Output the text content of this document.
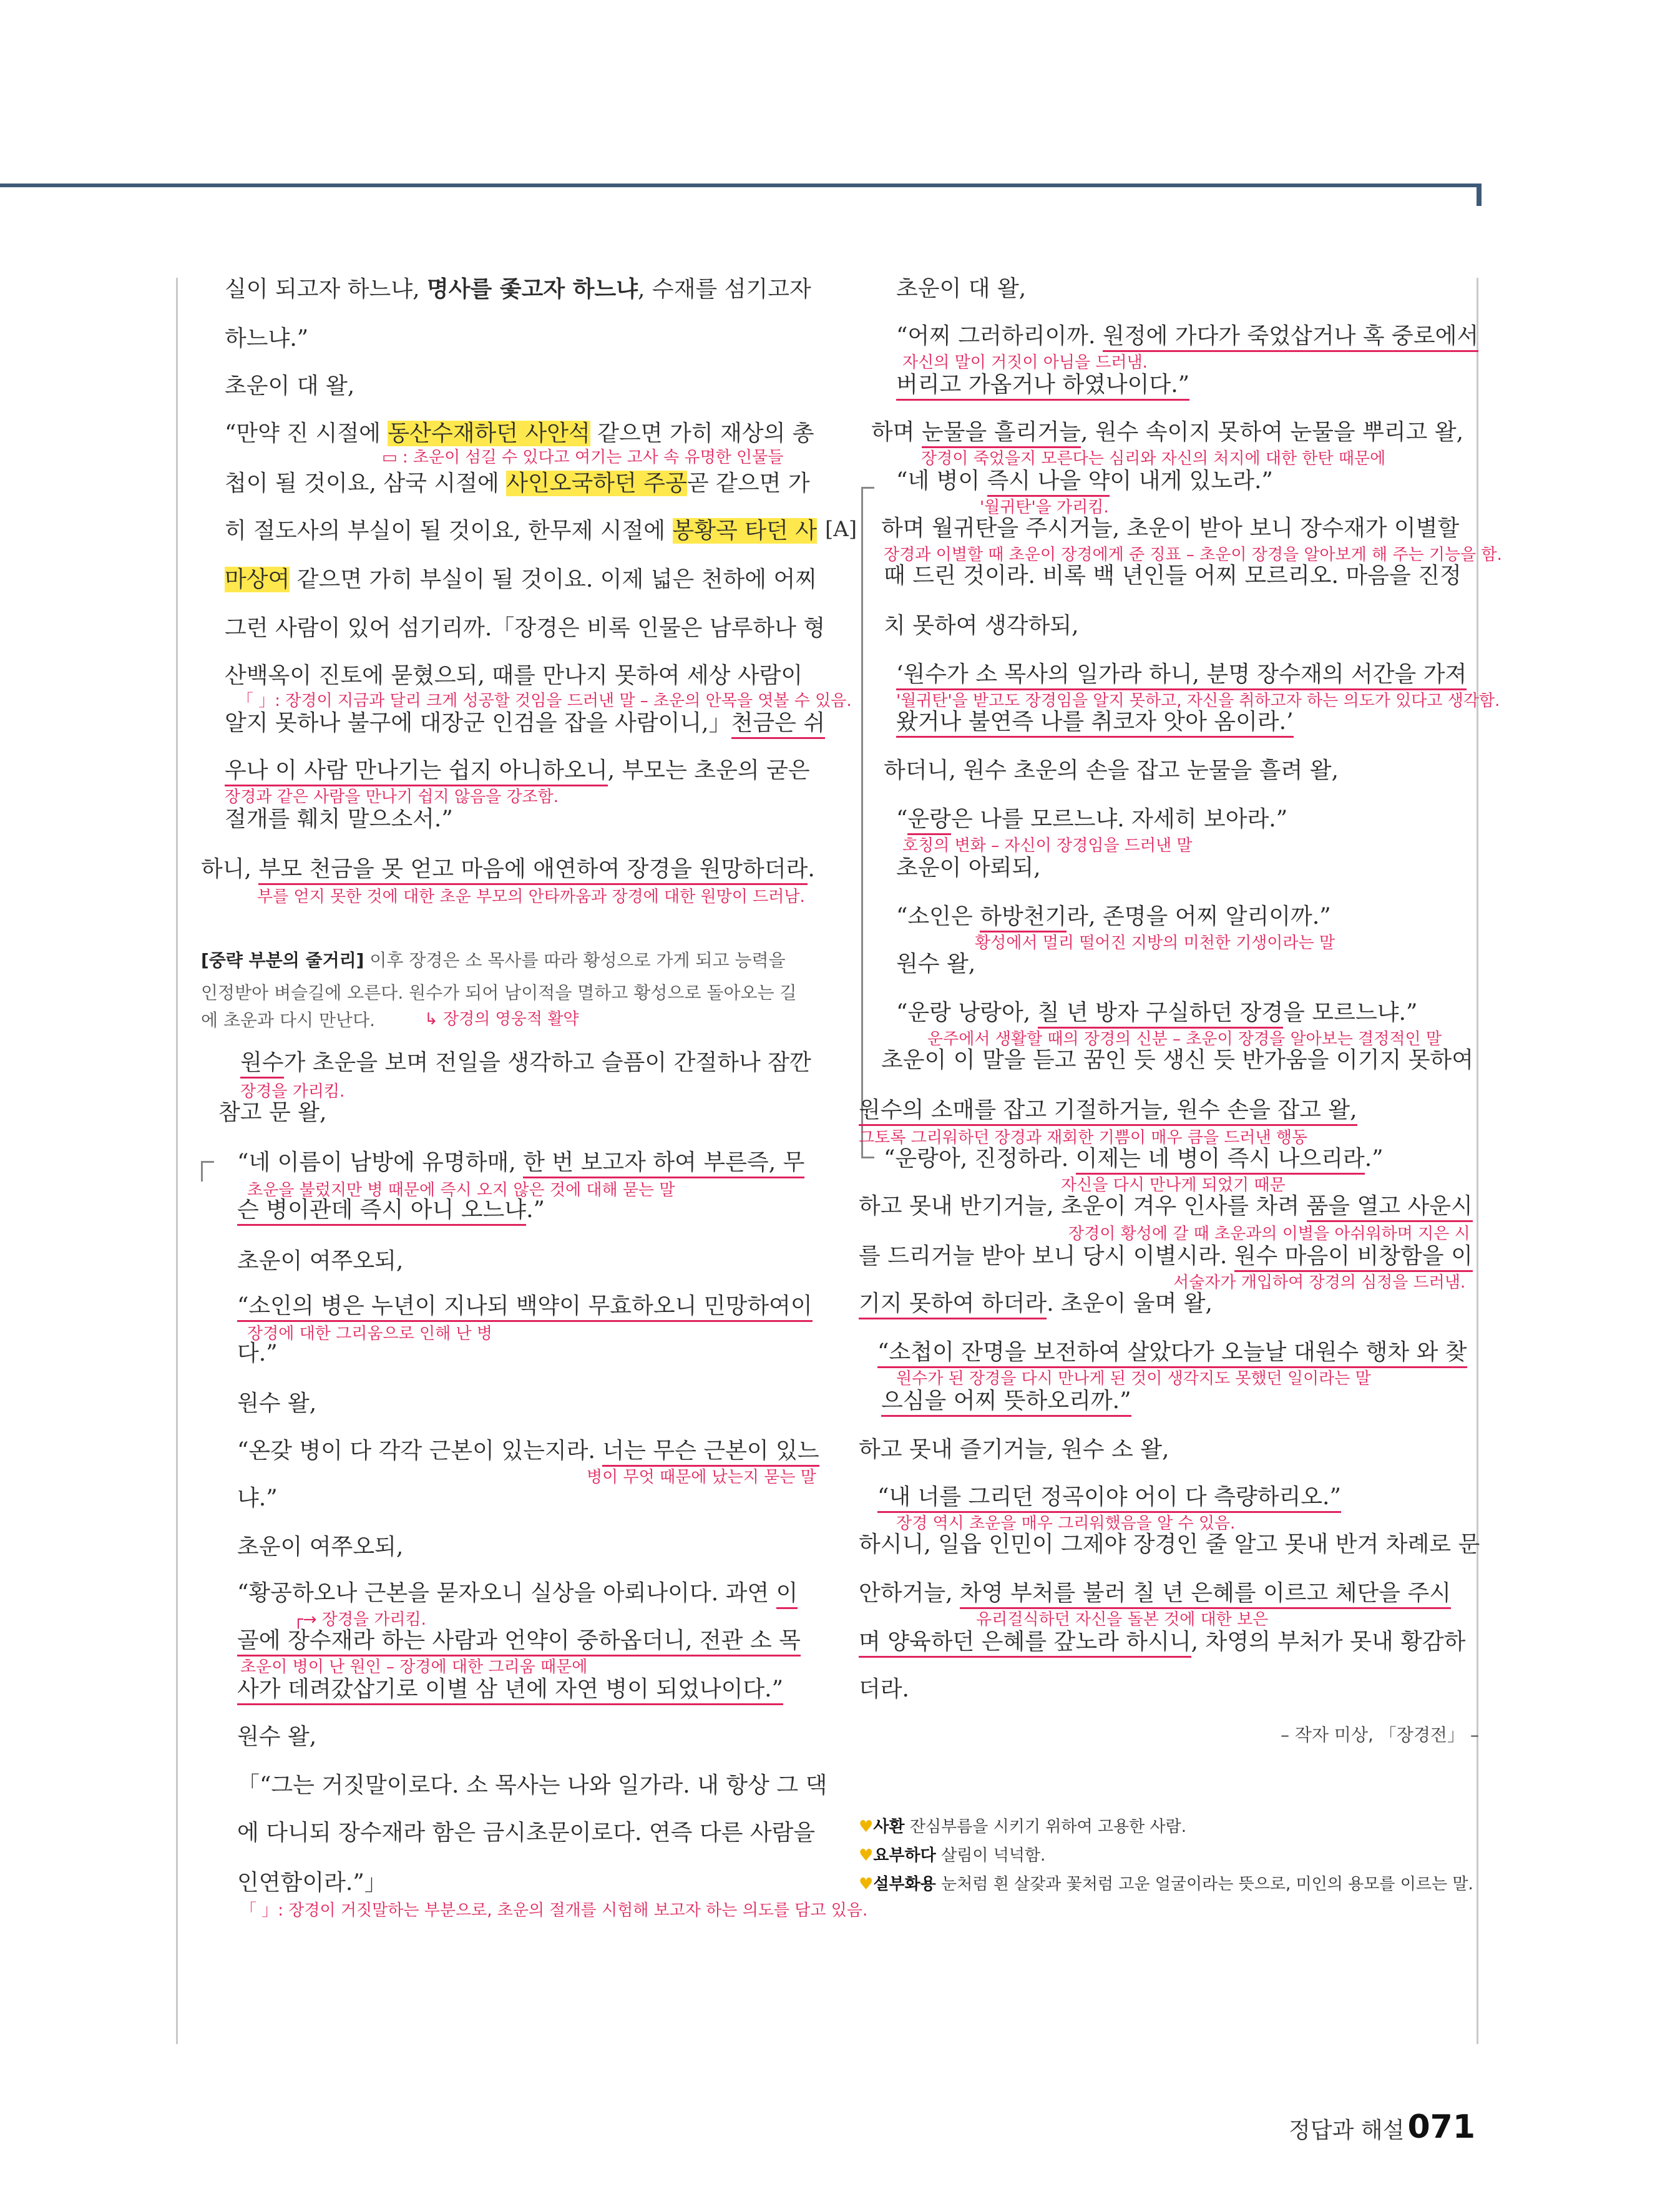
실이 되고자 하느냐, 명사를 좇고자 하느냐, 수재를 섬기고자
하느냐.”
초운이 대 왈,
“만약 진 시절에 동산수재하던 사안석 같으면 가히 재상의 총
▭ : 초운이 섬길 수 있다고 여기는 고사 속 유명한 인물들
첩이 될 것이요, 삼국 시절에 사인오국하던 주공곧 같으면 가
히 절도사의 부실이 될 것이요, 한무제 시절에 봉황곡 타던 사
마상여 같으면 가히 부실이 될 것이요. 이제 넓은 천하에 어찌
그런 사람이 있어 섬기리까.「장경은 비록 인물은 남루하나 형
산백옥이 진토에 묻혔으되, 때를 만나지 못하여 세상 사람이
「 」: 장경이 지금과 달리 크게 성공할 것임을 드러낸 말 – 초운의 안목을 엿볼 수 있음.
알지 못하나 불구에 대장군 인검을 잡을 사람이니,」천금은 쉬
우나 이 사람 만나기는 쉽지 아니하오니, 부모는 초운의 굳은
장경과 같은 사람을 만나기 쉽지 않음을 강조함.
절개를 훼치 말으소서.”
하니, 부모 천금을 못 얻고 마음에 애연하여 장경을 원망하더라.
부를 얻지 못한 것에 대한 초운 부모의 안타까움과 장경에 대한 원망이 드러남.
[중략 부분의 줄거리] 이후 장경은 소 목사를 따라 황성으로 가게 되고 능력을
인정받아 벼슬길에 오른다. 원수가 되어 남이적을 멸하고 황성으로 돌아오는 길
에 초운과 다시 만난다.	↳ 장경의 영웅적 활약
원수가 초운을 보며 전일을 생각하고 슬픔이 간절하나 잠깐
장경을 가리킴.
참고 문 왈,
“네 이름이 남방에 유명하매, 한 번 보고자 하여 부른즉, 무
초운을 불렀지만 병 때문에 즉시 오지 않은 것에 대해 묻는 말
슨 병이관데 즉시 아니 오느냐.”
초운이 여쭈오되,
“소인의 병은 누년이 지나되 백약이 무효하오니 민망하여이
장경에 대한 그리움으로 인해 난 병
다.”
원수 왈,
“온갖 병이 다 각각 근본이 있는지라. 너는 무슨 근본이 있느
병이 무엇 때문에 났는지 묻는 말
냐.”
초운이 여쭈오되,
“황공하오나 근본을 묻자오니 실상을 아뢰나이다. 과연 이
┌→ 장경을 가리킴.
골에 장수재라 하는 사람과 언약이 중하옵더니, 전관 소 목
초운이 병이 난 원인 – 장경에 대한 그리움 때문에
사가 데려갔삽기로 이별 삼 년에 자연 병이 되었나이다.”
원수 왈,
「“그는 거짓말이로다. 소 목사는 나와 일가라. 내 항상 그 댁
에 다니되 장수재라 함은 금시초문이로다. 연즉 다른 사람을
인연함이라.”」
「 」: 장경이 거짓말하는 부분으로, 초운의 절개를 시험해 보고자 하는 의도를 담고 있음.
초운이 대 왈,
“어찌 그러하리이까. 원정에 가다가 죽었삽거나 혹 중로에서
자신의 말이 거짓이 아님을 드러냄.
버리고 가옵거나 하였나이다.”
하며 눈물을 흘리거늘, 원수 속이지 못하여 눈물을 뿌리고 왈,
장경이 죽었을지 모른다는 심리와 자신의 처지에 대한 한탄 때문에
“네 병이 즉시 나을 약이 내게 있노라.”
'월귀탄'을 가리킴.
[A] 하며 월귀탄을 주시거늘, 초운이 받아 보니 장수재가 이별할
장경과 이별할 때 초운이 장경에게 준 징표 – 초운이 장경을 알아보게 해 주는 기능을 함.
때 드린 것이라. 비록 백 년인들 어찌 모르리오. 마음을 진정
치 못하여 생각하되,
‘원수가 소 목사의 일가라 하니, 분명 장수재의 서간을 가져
'월귀탄'을 받고도 장경임을 알지 못하고, 자신을 취하고자 하는 의도가 있다고 생각함.
왔거나 불연즉 나를 취코자 앗아 옴이라.’
하더니, 원수 초운의 손을 잡고 눈물을 흘려 왈,
“운랑은 나를 모르느냐. 자세히 보아라.”
호칭의 변화 – 자신이 장경임을 드러낸 말
초운이 아뢰되,
“소인은 하방천기라, 존명을 어찌 알리이까.”
황성에서 멀리 떨어진 지방의 미천한 기생이라는 말
원수 왈,
“운랑 낭랑아, 칠 년 방자 구실하던 장경을 모르느냐.”
운주에서 생활할 때의 장경의 신분 – 초운이 장경을 알아보는 결정적인 말
초운이 이 말을 듣고 꿈인 듯 생신 듯 반가움을 이기지 못하여
원수의 소매를 잡고 기절하거늘, 원수 손을 잡고 왈,
그토록 그리워하던 장경과 재회한 기쁨이 매우 큼을 드러낸 행동
“운랑아, 진정하라. 이제는 네 병이 즉시 나으리라.”
자신을 다시 만나게 되었기 때문
하고 못내 반기거늘, 초운이 겨우 인사를 차려 품을 열고 사운시
장경이 황성에 갈 때 초운과의 이별을 아쉬워하며 지은 시
를 드리거늘 받아 보니 당시 이별시라. 원수 마음이 비창함을 이
서술자가 개입하여 장경의 심정을 드러냄.
기지 못하여 하더라. 초운이 울며 왈,
“소첩이 잔명을 보전하여 살았다가 오늘날 대원수 행차 와 찾
원수가 된 장경을 다시 만나게 된 것이 생각지도 못했던 일이라는 말
으심을 어찌 뜻하오리까.”
하고 못내 즐기거늘, 원수 소 왈,
“내 너를 그리던 정곡이야 어이 다 측량하리오.”
장경 역시 초운을 매우 그리워했음을 알 수 있음.
하시니, 일읍 인민이 그제야 장경인 줄 알고 못내 반겨 차례로 문
안하거늘, 차영 부처를 불러 칠 년 은혜를 이르고 체단을 주시
유리걸식하던 자신을 돌본 것에 대한 보은
며 양육하던 은혜를 갚노라 하시니, 차영의 부처가 못내 황감하
더라.
– 작자 미상, 「장경전」 –
♥사환 잔심부름을 시키기 위하여 고용한 사람.
♥요부하다 살림이 넉넉함.
♥설부화용 눈처럼 흰 살갗과 꽃처럼 고운 얼굴이라는 뜻으로, 미인의 용모를 이르는 말.
정답과 해설 071
